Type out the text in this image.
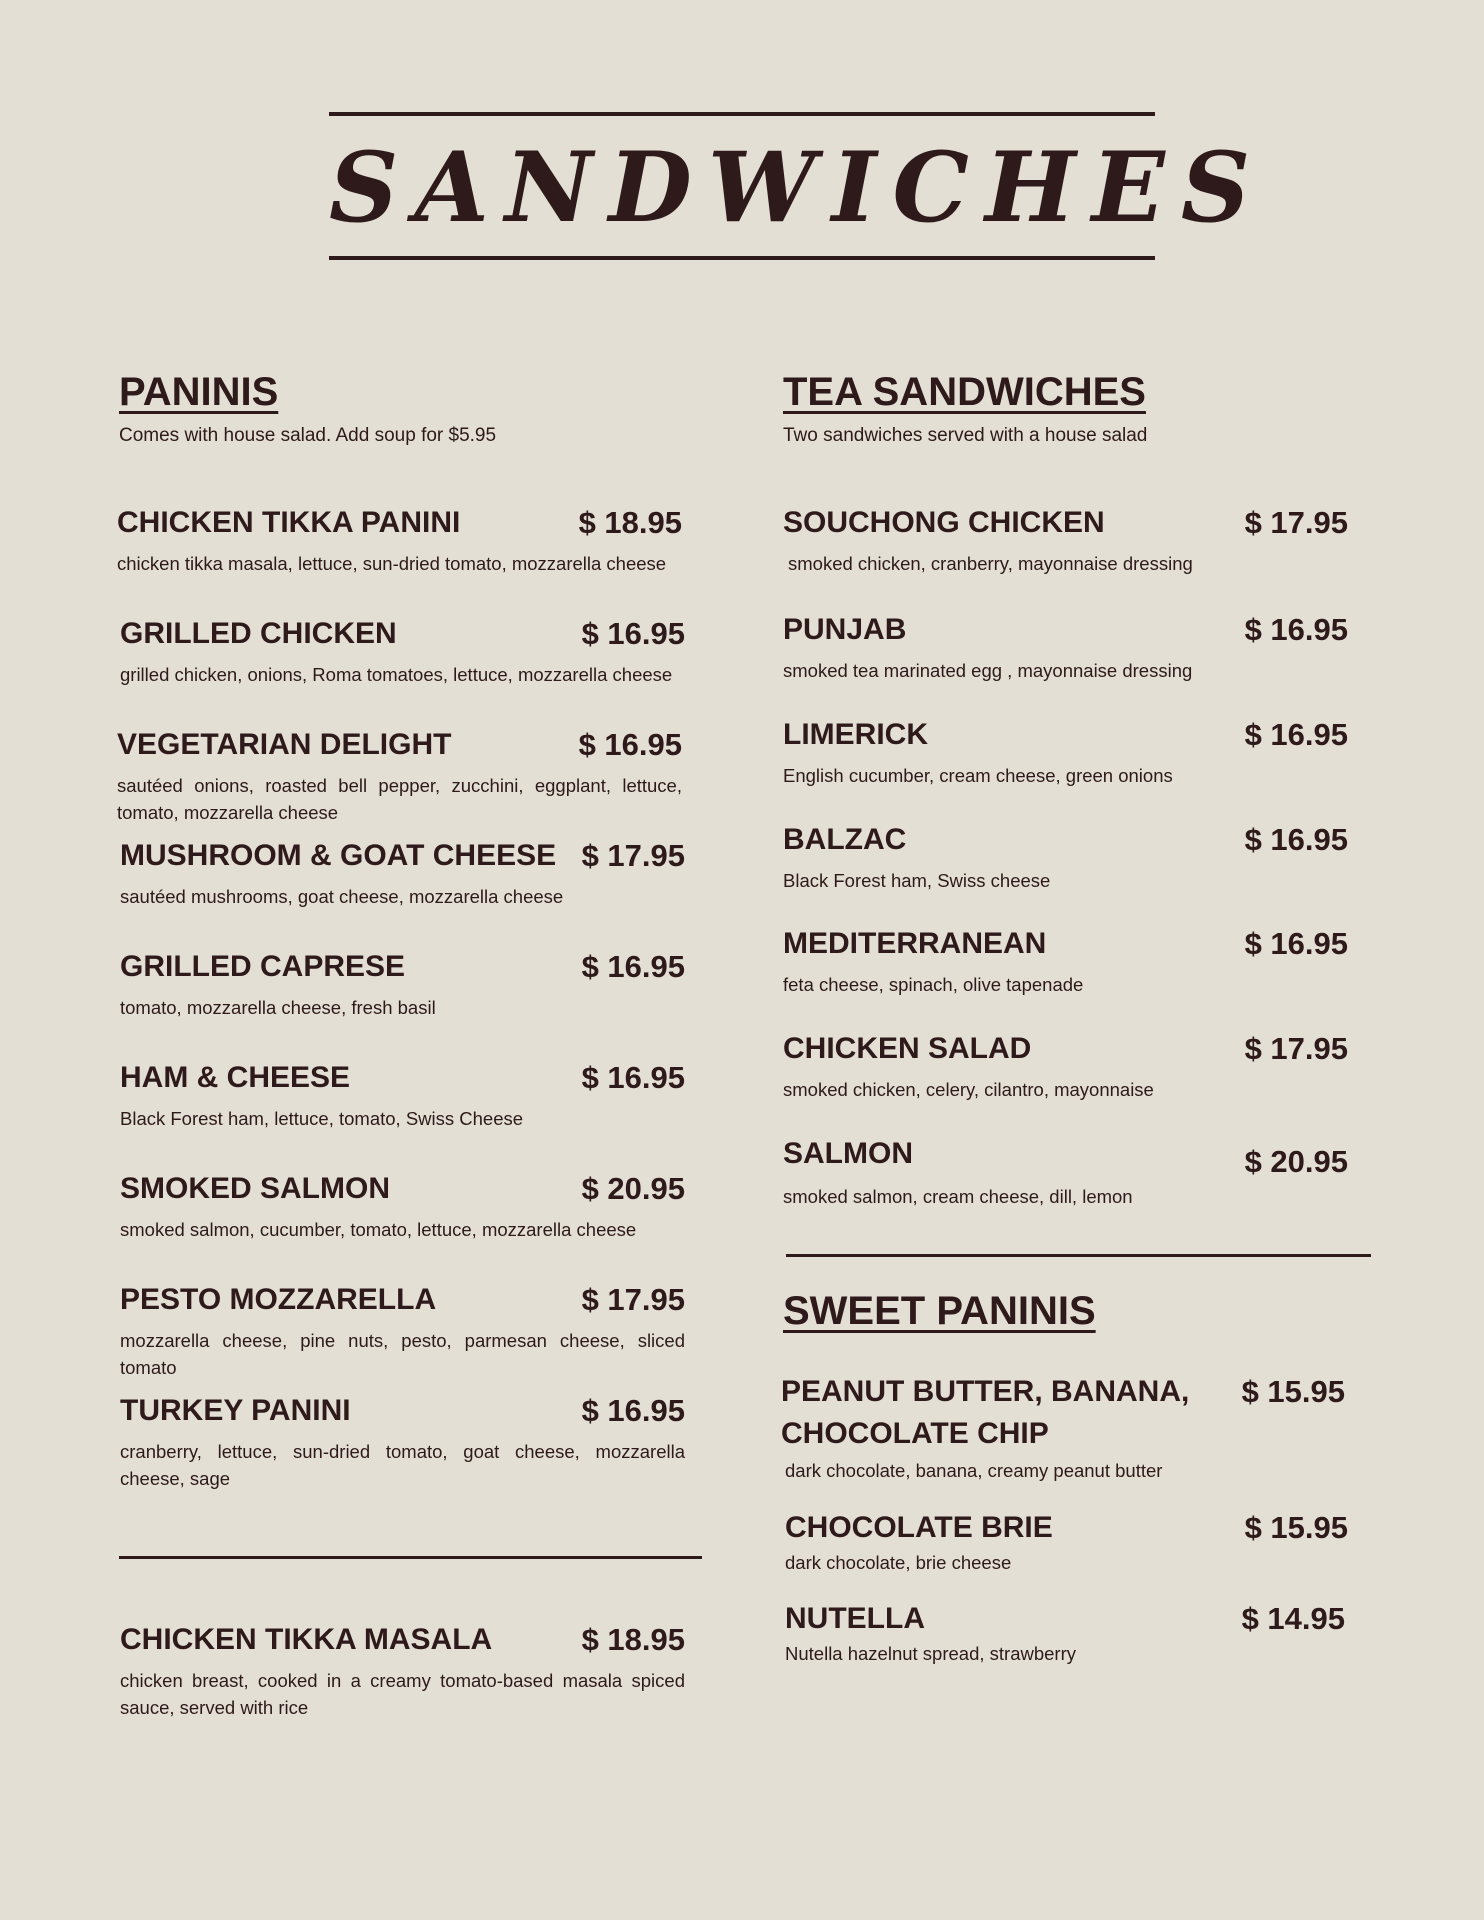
SANDWICHES
PANINIS
Comes with house salad. Add soup for $5.95
CHICKEN TIKKA PANINI	$ 18.95
chicken tikka masala, lettuce, sun-dried tomato, mozzarella cheese
GRILLED CHICKEN	$ 16.95
grilled chicken, onions, Roma tomatoes, lettuce, mozzarella cheese
VEGETARIAN DELIGHT	$ 16.95
sautéed onions, roasted bell pepper, zucchini, eggplant, lettuce, tomato, mozzarella cheese
MUSHROOM & GOAT CHEESE $ 17.95
sautéed mushrooms, goat cheese, mozzarella cheese
GRILLED CAPRESE	$ 16.95
tomato, mozzarella cheese, fresh basil
HAM & CHEESE	$ 16.95
Black Forest ham, lettuce, tomato, Swiss Cheese
SMOKED SALMON	$ 20.95
smoked salmon, cucumber, tomato, lettuce, mozzarella cheese
PESTO MOZZARELLA	$ 17.95
mozzarella cheese, pine nuts, pesto, parmesan cheese, sliced tomato
TURKEY PANINI	$ 16.95
cranberry, lettuce, sun-dried tomato, goat cheese, mozzarella cheese, sage
CHICKEN TIKKA MASALA	$ 18.95
chicken breast, cooked in a creamy tomato-based masala spiced sauce, served with rice
TEA SANDWICHES
Two sandwiches served with a house salad
SOUCHONG CHICKEN	$ 17.95
smoked chicken, cranberry, mayonnaise dressing
PUNJAB	$ 16.95
smoked tea marinated egg , mayonnaise dressing
LIMERICK	$ 16.95
English cucumber, cream cheese, green onions
BALZAC	$ 16.95
Black Forest ham, Swiss cheese
MEDITERRANEAN	$ 16.95
feta cheese, spinach, olive tapenade
CHICKEN SALAD	$ 17.95
smoked chicken, celery, cilantro, mayonnaise
SALMON	$ 20.95
smoked salmon, cream cheese, dill, lemon
SWEET PANINIS
PEANUT BUTTER, BANANA, CHOCOLATE CHIP
$ 15.95
dark chocolate, banana, creamy peanut butter
CHOCOLATE BRIE	$ 15.95
dark chocolate, brie cheese
NUTELLA	$ 14.95
Nutella hazelnut spread, strawberry
